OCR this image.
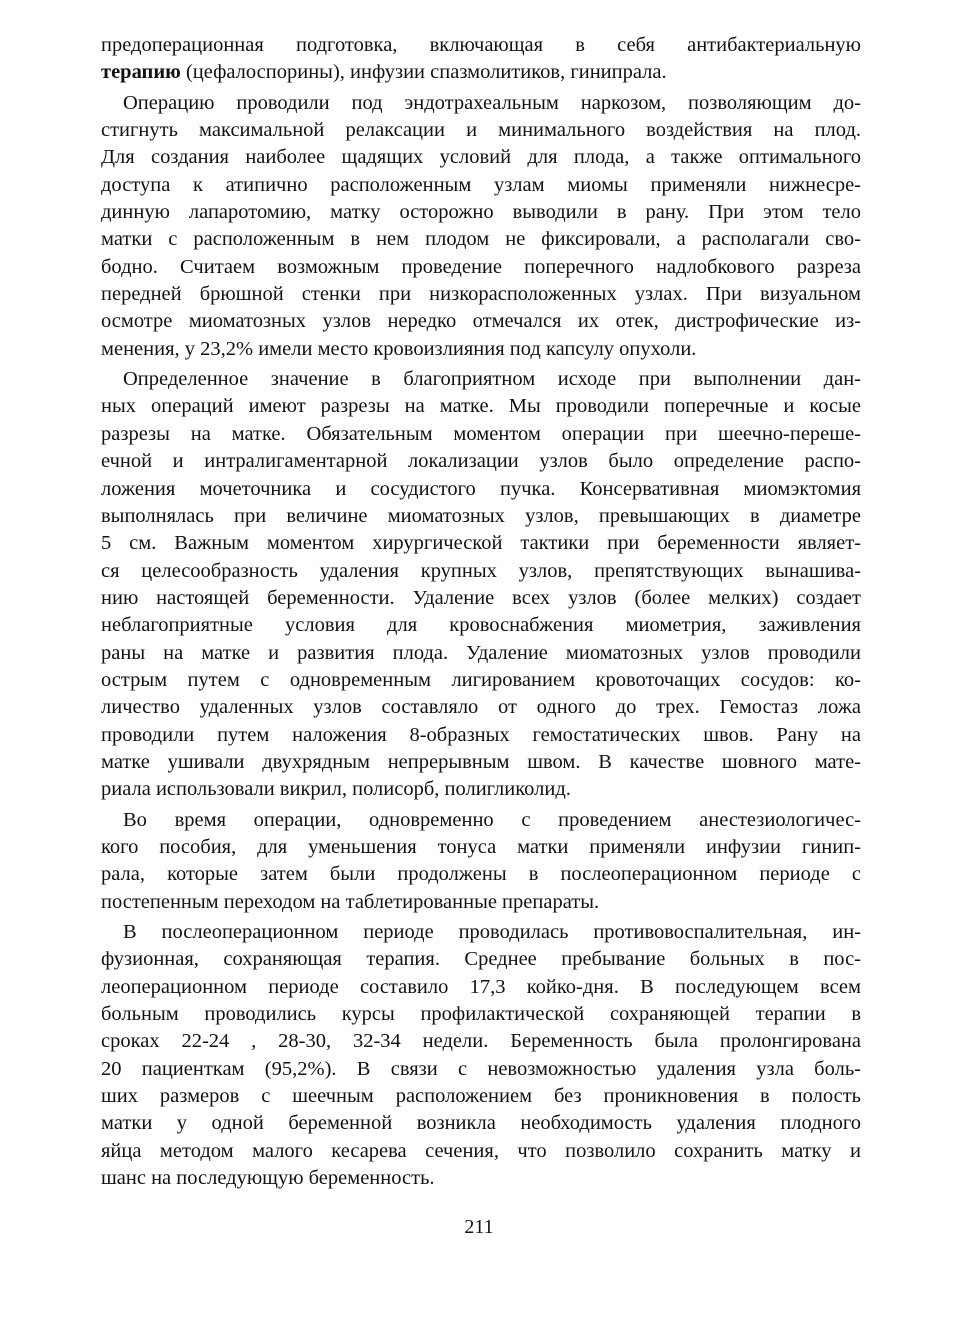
предоперационная подготовка, включающая в себя антибактериальную
терапию (цефалоспорины), инфузии спазмолитиков, гинипрала.
Операцию проводили под эндотрахеальным наркозом, позволяющим до-
стигнуть максимальной релаксации и минимального воздействия на плод.
Для создания наиболее щадящих условий для плода, а также оптимального
доступа к атипично расположенным узлам миомы применяли нижнесре-
динную лапаротомию, матку осторожно выводили в рану. При этом тело
матки с расположенным в нем плодом не фиксировали, а располагали сво-
бодно. Считаем возможным проведение поперечного надлобкового разреза
передней брюшной стенки при низкорасположенных узлах. При визуальном
осмотре миоматозных узлов нередко отмечался их отек, дистрофические из-
менения, у 23,2% имели место кровоизлияния под капсулу опухоли.
Определенное значение в благоприятном исходе при выполнении дан-
ных операций имеют разрезы на матке. Мы проводили поперечные и косые
разрезы на матке. Обязательным моментом операции при шеечно-переше-
ечной и интралигаментарной локализации узлов было определение распо-
ложения мочеточника и сосудистого пучка. Консервативная миомэктомия
выполнялась при величине миоматозных узлов, превышающих в диаметре
5 см. Важным моментом хирургической тактики при беременности являет-
ся целесообразность удаления крупных узлов, препятствующих вынашива-
нию настоящей беременности. Удаление всех узлов (более мелких) создает
неблагоприятные условия для кровоснабжения миометрия, заживления
раны на матке и развития плода. Удаление миоматозных узлов проводили
острым путем с одновременным лигированием кровоточащих сосудов: ко-
личество удаленных узлов составляло от одного до трех. Гемостаз ложа
проводили путем наложения 8-образных гемостатических швов. Рану на
матке ушивали двухрядным непрерывным швом. В качестве шовного мате-
риала использовали викрил, полисорб, полигликолид.
Во время операции, одновременно с проведением анестезиологичес-
кого пособия, для уменьшения тонуса матки применяли инфузии гинип-
рала, которые затем были продолжены в послеоперационном периоде с
постепенным переходом на таблетированные препараты.
В послеоперационном периоде проводилась противовоспалительная, ин-
фузионная, сохраняющая терапия. Среднее пребывание больных в пос-
леоперационном периоде составило 17,3 койко-дня. В последующем всем
больным проводились курсы профилактической сохраняющей терапии в
сроках 22-24 , 28-30, 32-34 недели. Беременность была пролонгирована
20 пациенткам (95,2%). В связи с невозможностью удаления узла боль-
ших размеров с шеечным расположением без проникновения в полость
матки у одной беременной возникла необходимость удаления плодного
яйца методом малого кесарева сечения, что позволило сохранить матку и
шанс на последующую беременность.
211
